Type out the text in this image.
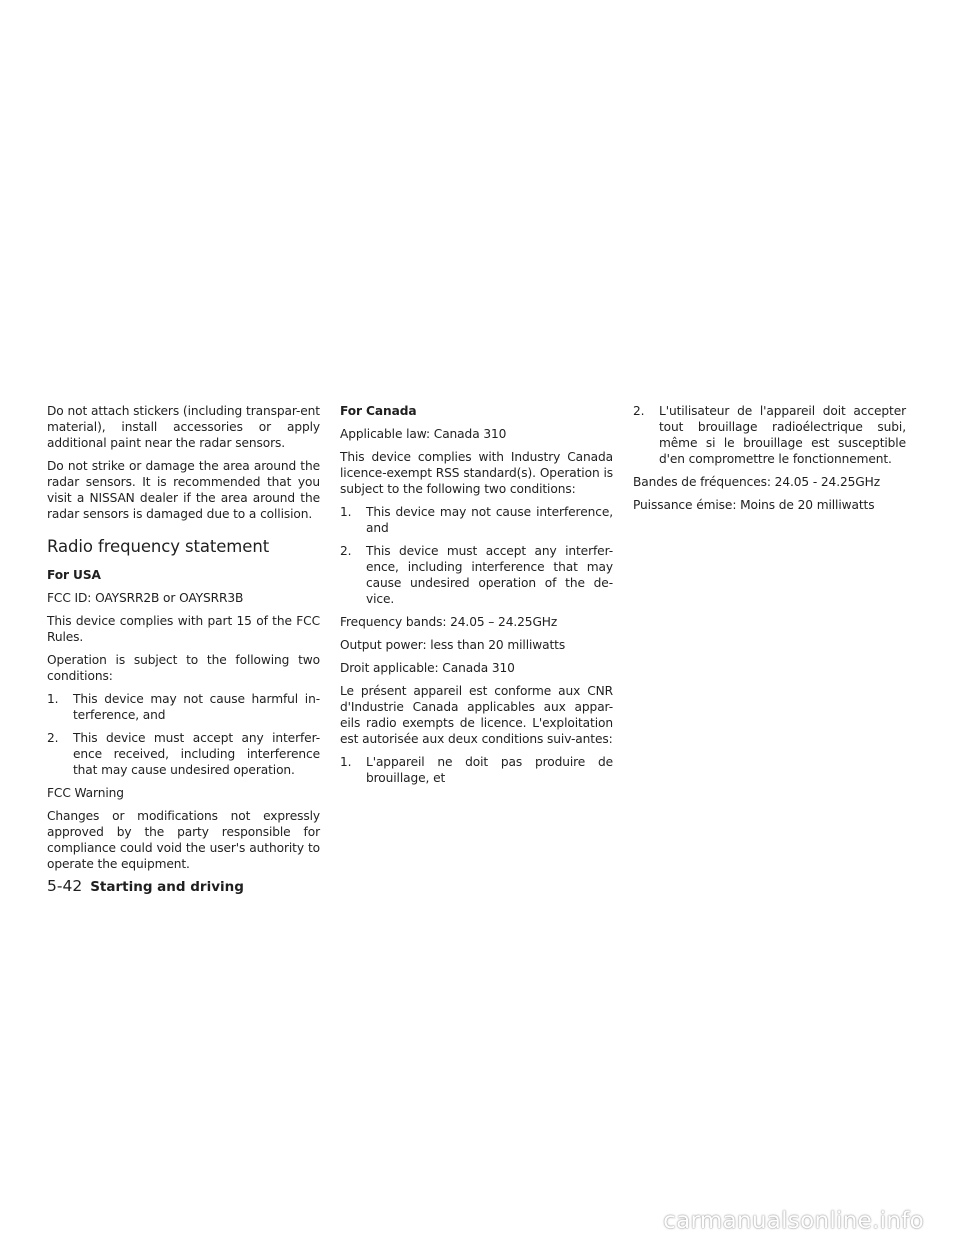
Do not attach stickers (including transpar-ent material), install accessories or apply additional paint near the radar sensors.

Do not strike or damage the area around the radar sensors. It is recommended that you visit a NISSAN dealer if the area around the radar sensors is damaged due to a collision.

Radio frequency statement

For USA

FCC ID: OAYSRR2B or OAYSRR3B

This device complies with part 15 of the FCC Rules.

Operation is subject to the following two conditions:

1.	This device may not cause harmful in-terference, and
2.	This device must accept any interfer-ence received, including interference that may cause undesired operation.

FCC Warning

Changes or modifications not expressly approved by the party responsible for compliance could void the user's authority to operate the equipment.

For Canada

Applicable law: Canada 310

This device complies with Industry Canada licence-exempt RSS standard(s). Operation is subject to the following two conditions:

1.	This device may not cause interference, and
2.	This device must accept any interfer-ence, including interference that may cause undesired operation of the de-vice.

Frequency bands: 24.05 – 24.25GHz

Output power: less than 20 milliwatts

Droit applicable: Canada 310

Le présent appareil est conforme aux CNR d'Industrie Canada applicables aux appar-eils radio exempts de licence. L'exploitation est autorisée aux deux conditions suiv-antes:

1.	L'appareil ne doit pas produire de brouillage, et
2.	L'utilisateur de l'appareil doit accepter tout brouillage radioélectrique subi, même si le brouillage est susceptible d'en compromettre le fonctionnement.

Bandes de fréquences: 24.05 - 24.25GHz

Puissance émise: Moins de 20 milliwatts

5-42 Starting and driving
carmanualsonline.info
